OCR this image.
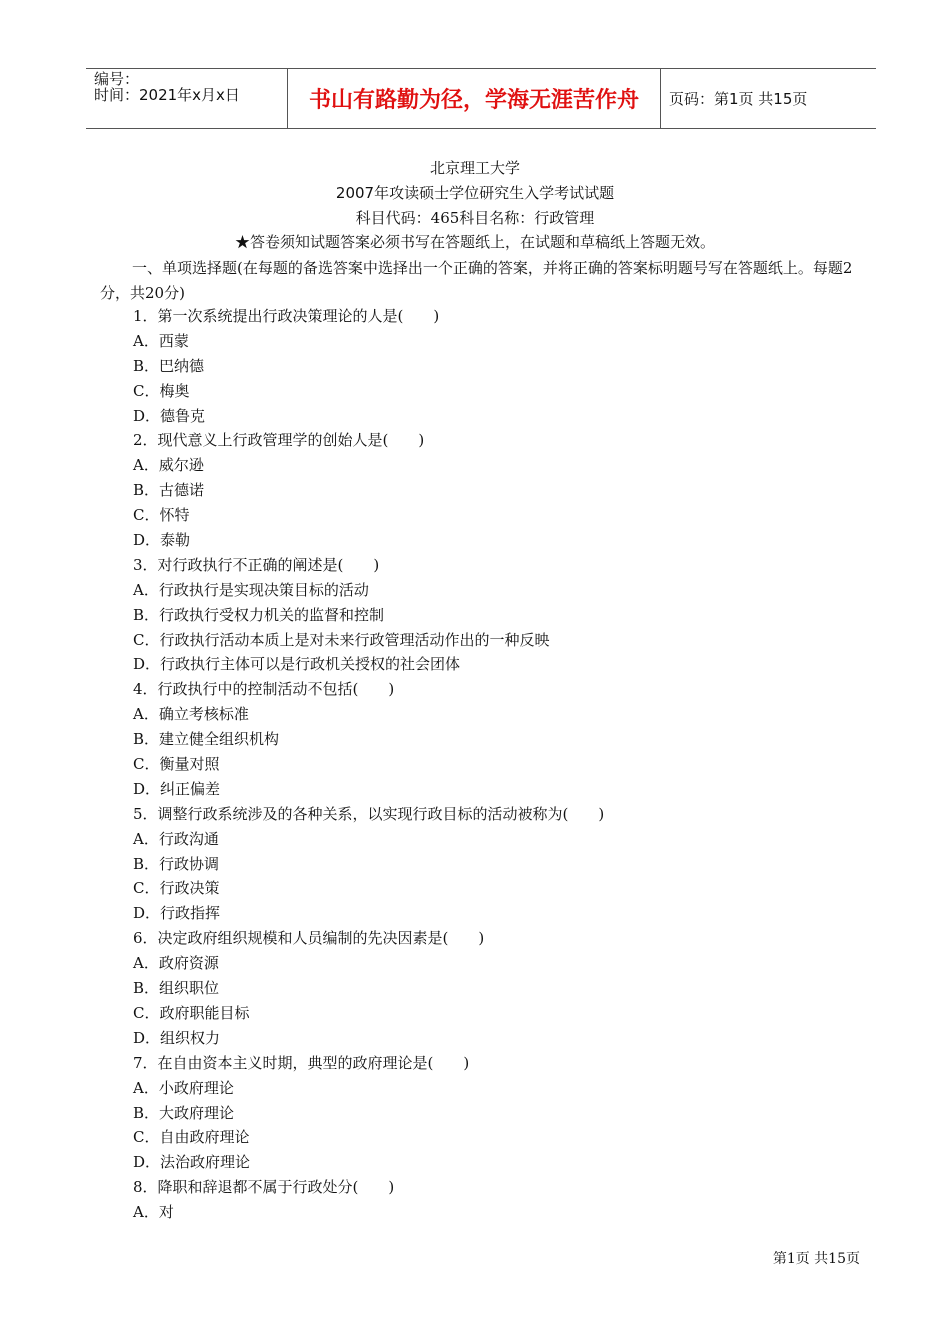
编号：
时间：2021年x月x日	书山有路勤为径，学海无涯苦作舟	页码：第1页 共15页
北京理工大学
2007年攻读硕士学位研究生入学考试试题
科目代码：465科目名称：行政管理
★答卷须知试题答案必须书写在答题纸上，在试题和草稿纸上答题无效。
一、单项选择题(在每题的备选答案中选择出一个正确的答案，并将正确的答案标明题号写在答题纸上。每题2分，共20分)
1．第一次系统提出行政决策理论的人是(　　)
A．西蒙
B．巴纳德
C．梅奥
D．德鲁克
2．现代意义上行政管理学的创始人是(　　)
A．威尔逊
B．古德诺
C．怀特
D．泰勒
3．对行政执行不正确的阐述是(　　)
A．行政执行是实现决策目标的活动
B．行政执行受权力机关的监督和控制
C．行政执行活动本质上是对未来行政管理活动作出的一种反映
D．行政执行主体可以是行政机关授权的社会团体
4．行政执行中的控制活动不包括(　　)
A．确立考核标准
B．建立健全组织机构
C．衡量对照
D．纠正偏差
5．调整行政系统涉及的各种关系，以实现行政目标的活动被称为(　　)
A．行政沟通
B．行政协调
C．行政决策
D．行政指挥
6．决定政府组织规模和人员编制的先决因素是(　　)
A．政府资源
B．组织职位
C．政府职能目标
D．组织权力
7．在自由资本主义时期，典型的政府理论是(　　)
A．小政府理论
B．大政府理论
C．自由政府理论
D．法治政府理论
8．降职和辞退都不属于行政处分(　　)
A．对
第1页 共15页
